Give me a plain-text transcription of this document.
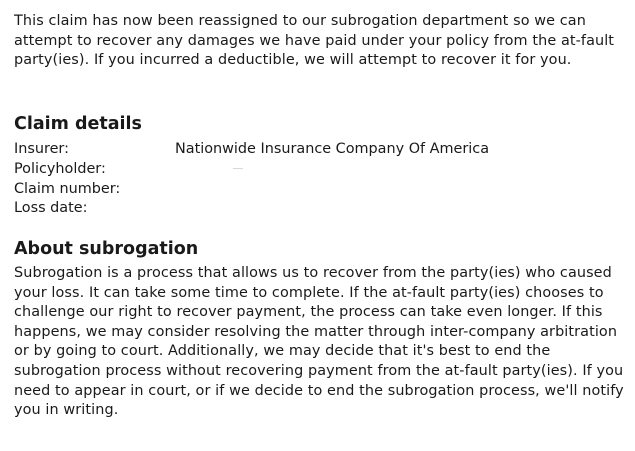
This claim has now been reassigned to our subrogation department so we can attempt to recover any damages we have paid under your policy from the at-fault party(ies). If you incurred a deductible, we will attempt to recover it for you.

Claim details
Insurer:	Nationwide Insurance Company Of America
Policyholder:
Claim number:
Loss date:
About subrogation

Subrogation is a process that allows us to recover from the party(ies) who caused your loss. It can take some time to complete. If the at-fault party(ies) chooses to challenge our right to recover payment, the process can take even longer. If this happens, we may consider resolving the matter through inter-company arbitration or by going to court. Additionally, we may decide that it's best to end the subrogation process without recovering payment from the at-fault party(ies). If you need to appear in court, or if we decide to end the subrogation process, we'll notify you in writing.
